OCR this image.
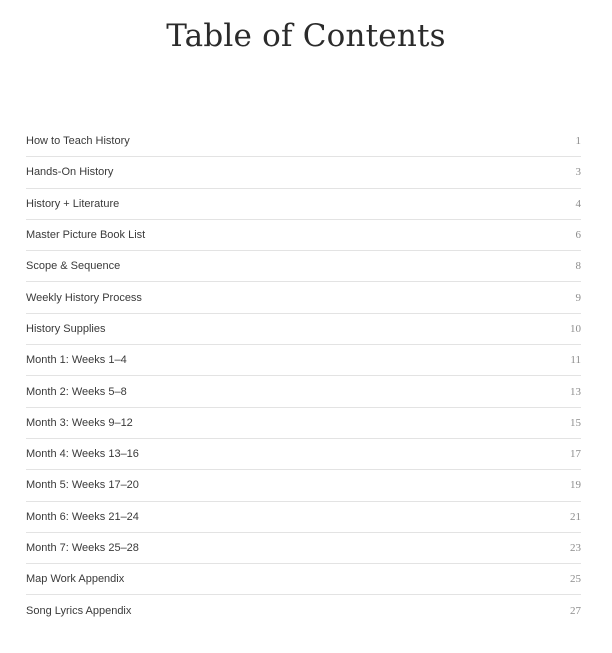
Table of Contents
How to Teach History	1
Hands-On History	3
History + Literature	4
Master Picture Book List	6
Scope & Sequence	8
Weekly History Process	9
History Supplies	10
Month 1: Weeks 1–4	11
Month 2: Weeks 5–8	13
Month 3: Weeks 9–12	15
Month 4: Weeks 13–16	17
Month 5: Weeks 17–20	19
Month 6: Weeks 21–24	21
Month 7: Weeks 25–28	23
Map Work Appendix	25
Song Lyrics Appendix	27
